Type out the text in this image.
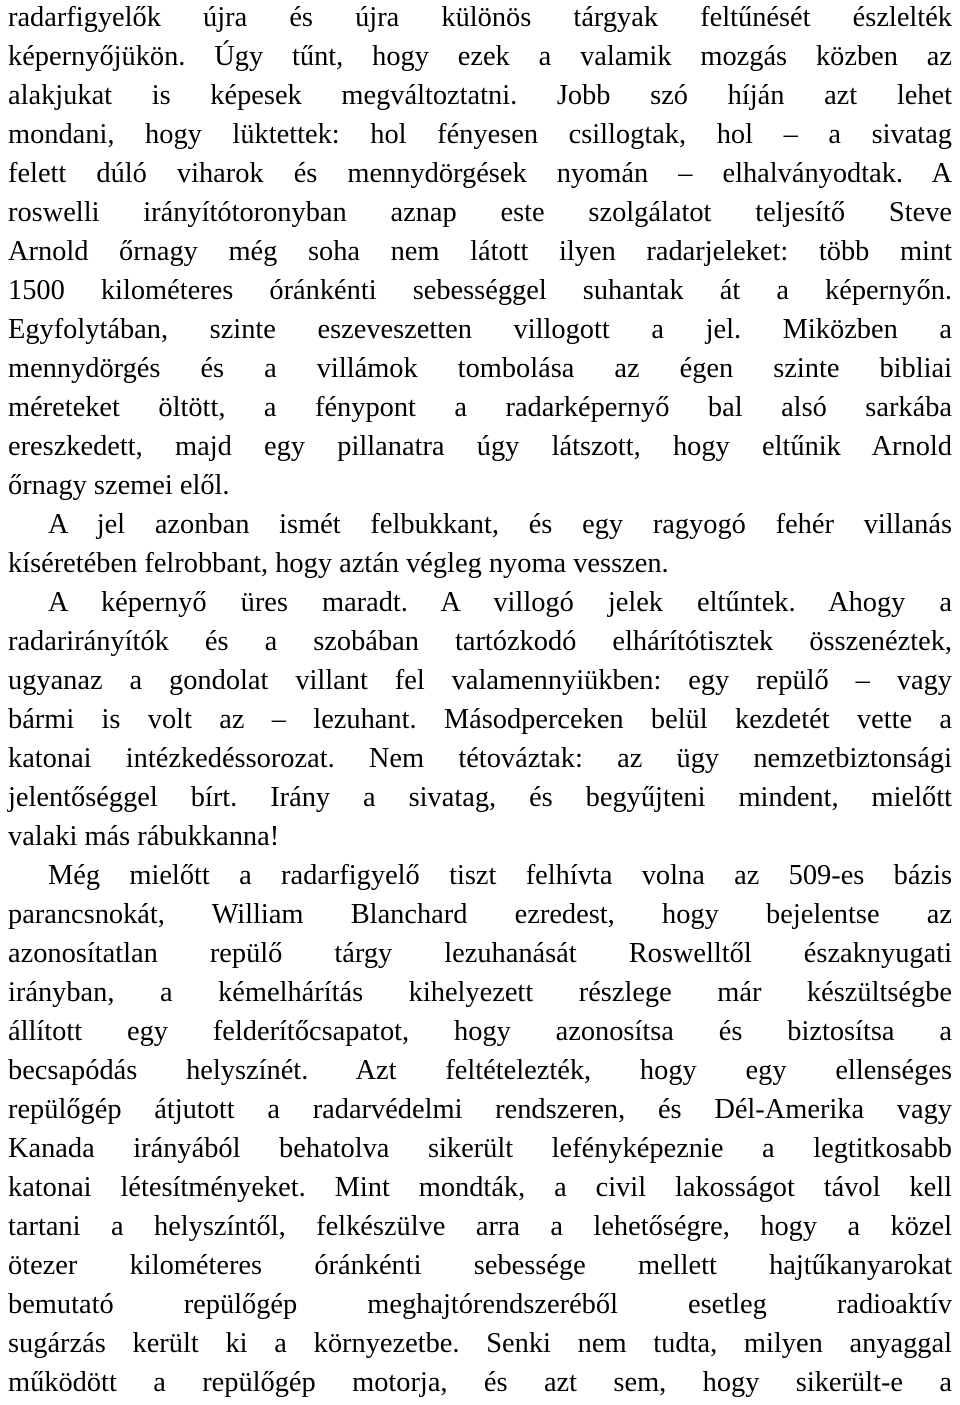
radarfigyelők újra és újra különös tárgyak feltűnését észlelték
képernyőjükön. Úgy tűnt, hogy ezek a valamik mozgás közben az
alakjukat is képesek megváltoztatni. Jobb szó híján azt lehet
mondani, hogy lüktettek: hol fényesen csillogtak, hol – a sivatag
felett dúló viharok és mennydörgések nyomán – elhalványodtak. A
roswelli irányítótoronyban aznap este szolgálatot teljesítő Steve
Arnold őrnagy még soha nem látott ilyen radarjeleket: több mint
1500 kilométeres óránkénti sebességgel suhantak át a képernyőn.
Egyfolytában, szinte eszeveszetten villogott a jel. Miközben a
mennydörgés és a villámok tombolása az égen szinte bibliai
méreteket öltött, a fénypont a radarképernyő bal alsó sarkába
ereszkedett, majd egy pillanatra úgy látszott, hogy eltűnik Arnold
őrnagy szemei elől.
A jel azonban ismét felbukkant, és egy ragyogó fehér villanás
kíséretében felrobbant, hogy aztán végleg nyoma vesszen.
A képernyő üres maradt. A villogó jelek eltűntek. Ahogy a
radarirányítók és a szobában tartózkodó elhárítótisztek összenéztek,
ugyanaz a gondolat villant fel valamennyiükben: egy repülő – vagy
bármi is volt az – lezuhant. Másodperceken belül kezdetét vette a
katonai intézkedéssorozat. Nem tétováztak: az ügy nemzetbiztonsági
jelentőséggel bírt. Irány a sivatag, és begyűjteni mindent, mielőtt
valaki más rábukkanna!
Még mielőtt a radarfigyelő tiszt felhívta volna az 509-es bázis
parancsnokát, William Blanchard ezredest, hogy bejelentse az
azonosítatlan repülő tárgy lezuhanását Roswelltől északnyugati
irányban, a kémelhárítás kihelyezett részlege már készültségbe
állított egy felderítőcsapatot, hogy azonosítsa és biztosítsa a
becsapódás helyszínét. Azt feltételezték, hogy egy ellenséges
repülőgép átjutott a radarvédelmi rendszeren, és Dél-Amerika vagy
Kanada irányából behatolva sikerült lefényképeznie a legtitkosabb
katonai létesítményeket. Mint mondták, a civil lakosságot távol kell
tartani a helyszíntől, felkészülve arra a lehetőségre, hogy a közel
ötezer kilométeres óránkénti sebessége mellett hajtűkanyarokat
bemutató repülőgép meghajtórendszeréből esetleg radioaktív
sugárzás került ki a környezetbe. Senki nem tudta, milyen anyaggal
működött a repülőgép motorja, és azt sem, hogy sikerült-e a
